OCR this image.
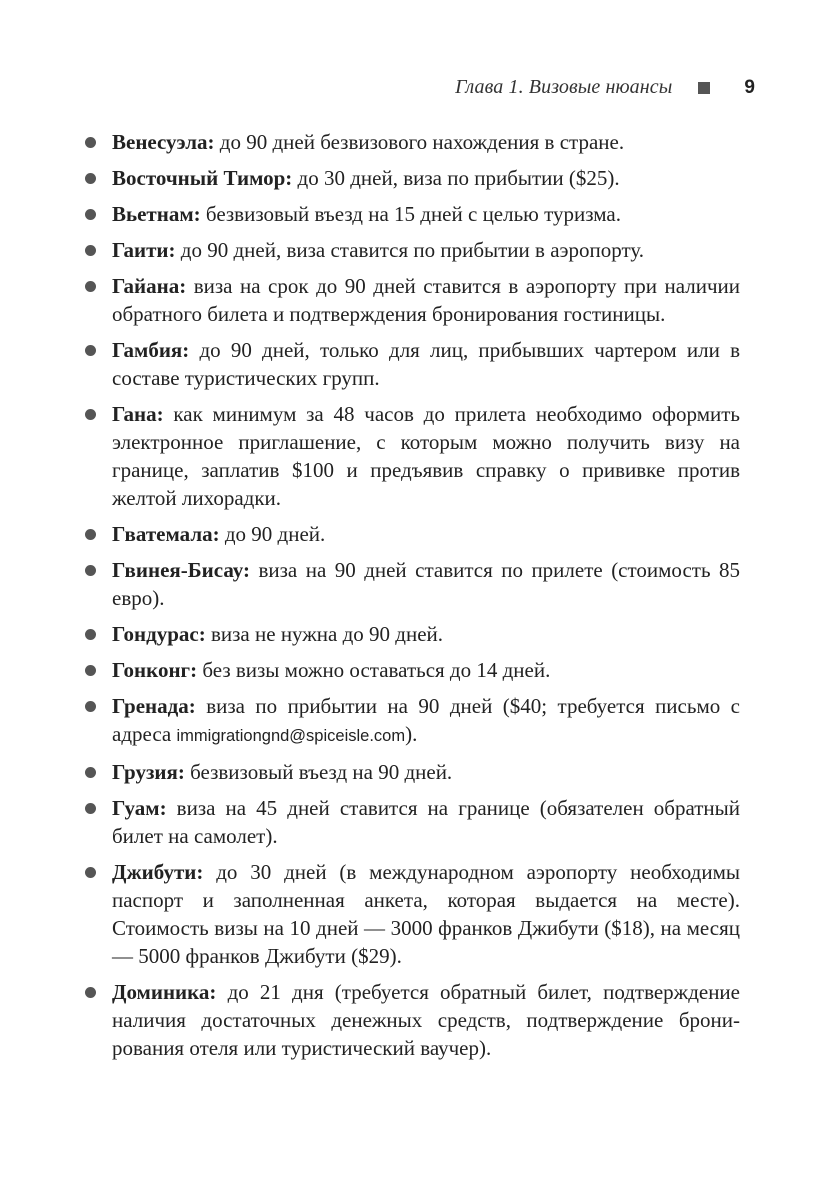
Глава 1. Визовые нюансы	9
Венесуэла: до 90 дней безвизового нахождения в стране.
Восточный Тимор: до 30 дней, виза по прибытии ($25).
Вьетнам: безвизовый въезд на 15 дней с целью туризма.
Гаити: до 90 дней, виза ставится по прибытии в аэропорту.
Гайана: виза на срок до 90 дней ставится в аэропорту при наличии обратного билета и подтверждения бронирования гостиницы.
Гамбия: до 90 дней, только для лиц, прибывших чартером или в составе туристических групп.
Гана: как минимум за 48 часов до прилета необходимо оформить электронное приглашение, с которым можно получить визу на границе, заплатив $100 и предъявив справку о прививке против желтой лихорадки.
Гватемала: до 90 дней.
Гвинея-Бисау: виза на 90 дней ставится по прилете (стоимость 85 евро).
Гондурас: виза не нужна до 90 дней.
Гонконг: без визы можно оставаться до 14 дней.
Гренада: виза по прибытии на 90 дней ($40; требуется письмо с адреса immigrationgnd@spiceisle.com).
Грузия: безвизовый въезд на 90 дней.
Гуам: виза на 45 дней ставится на границе (обязателен обратный билет на самолет).
Джибути: до 30 дней (в международном аэропорту необходимы паспорт и заполненная анкета, которая выдается на месте). Стоимость визы на 10 дней — 3000 франков Джибути ($18), на месяц — 5000 франков Джибути ($29).
Доминика: до 21 дня (требуется обратный билет, подтверждение наличия достаточных денежных средств, подтверждение бронирования отеля или туристический ваучер).
